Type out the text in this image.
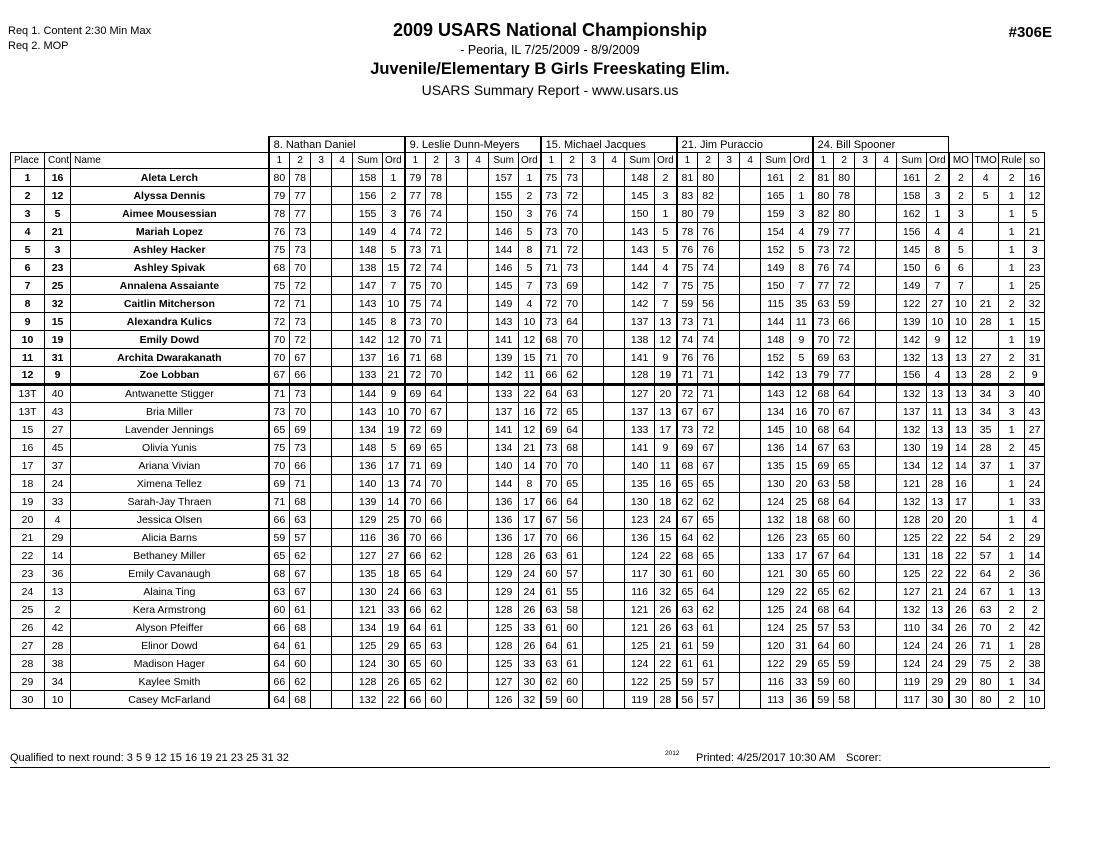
Req 1. Content 2:30 Min Max
Req 2. MOP
2009 USARS National Championship
- Peoria, IL 7/25/2009 - 8/9/2009
Juvenile/Elementary B Girls Freeskating Elim.
USARS Summary Report - www.usars.us
#306E
			8. Nathan Daniel						9. Leslie Dunn-Meyers						15. Michael Jacques						21. Jim Puraccio						24. Bill Spooner									
Place	Cont	Name	1	2	3	4	Sum	Ord	1	2	3	4	Sum	Ord	1	2	3	4	Sum	Ord	1	2	3	4	Sum	Ord	1	2	3	4	Sum	Ord	MO	TMO	Rule	so
1	16	Aleta Lerch	80	78			158	1	79	78			157	1	75	73			148	2	81	80			161	2	81	80			161	2	2	4	2	16
2	12	Alyssa Dennis	79	77			156	2	77	78			155	2	73	72			145	3	83	82			165	1	80	78			158	3	2	5	1	12
3	5	Aimee Mousessian	78	77			155	3	76	74			150	3	76	74			150	1	80	79			159	3	82	80			162	1	3		1	5
4	21	Mariah Lopez	76	73			149	4	74	72			146	5	73	70			143	5	78	76			154	4	79	77			156	4	4		1	21
5	3	Ashley Hacker	75	73			148	5	73	71			144	8	71	72			143	5	76	76			152	5	73	72			145	8	5		1	3
6	23	Ashley Spivak	68	70			138	15	72	74			146	5	71	73			144	4	75	74			149	8	76	74			150	6	6		1	23
7	25	Annalena Assaiante	75	72			147	7	75	70			145	7	73	69			142	7	75	75			150	7	77	72			149	7	7		1	25
8	32	Caitlin Mitcherson	72	71			143	10	75	74			149	4	72	70			142	7	59	56			115	35	63	59			122	27	10	21	2	32
9	15	Alexandra Kulics	72	73			145	8	73	70			143	10	73	64			137	13	73	71			144	11	73	66			139	10	10	28	1	15
10	19	Emily Dowd	70	72			142	12	70	71			141	12	68	70			138	12	74	74			148	9	70	72			142	9	12		1	19
11	31	Archita Dwarakanath	70	67			137	16	71	68			139	15	71	70			141	9	76	76			152	5	69	63			132	13	13	27	2	31
12	9	Zoe Lobban	67	66			133	21	72	70			142	11	66	62			128	19	71	71			142	13	79	77			156	4	13	28	2	9
13T	40	Antwanette Stigger	71	73			144	9	69	64			133	22	64	63			127	20	72	71			143	12	68	64			132	13	13	34	3	40
13T	43	Bria Miller	73	70			143	10	70	67			137	16	72	65			137	13	67	67			134	16	70	67			137	11	13	34	3	43
15	27	Lavender Jennings	65	69			134	19	72	69			141	12	69	64			133	17	73	72			145	10	68	64			132	13	13	35	1	27
16	45	Olivia Yunis	75	73			148	5	69	65			134	21	73	68			141	9	69	67			136	14	67	63			130	19	14	28	2	45
17	37	Ariana Vivian	70	66			136	17	71	69			140	14	70	70			140	11	68	67			135	15	69	65			134	12	14	37	1	37
18	24	Ximena Tellez	69	71			140	13	74	70			144	8	70	65			135	16	65	65			130	20	63	58			121	28	16		1	24
19	33	Sarah-Jay Thraen	71	68			139	14	70	66			136	17	66	64			130	18	62	62			124	25	68	64			132	13	17		1	33
20	4	Jessica Olsen	66	63			129	25	70	66			136	17	67	56			123	24	67	65			132	18	68	60			128	20	20		1	4
21	29	Alicia Barns	59	57			116	36	70	66			136	17	70	66			136	15	64	62			126	23	65	60			125	22	22	54	2	29
22	14	Bethaney Miller	65	62			127	27	66	62			128	26	63	61			124	22	68	65			133	17	67	64			131	18	22	57	1	14
23	36	Emily Cavanaugh	68	67			135	18	65	64			129	24	60	57			117	30	61	60			121	30	65	60			125	22	22	64	2	36
24	13	Alaina Ting	63	67			130	24	66	63			129	24	61	55			116	32	65	64			129	22	65	62			127	21	24	67	1	13
25	2	Kera Armstrong	60	61			121	33	66	62			128	26	63	58			121	26	63	62			125	24	68	64			132	13	26	63	2	2
26	42	Alyson Pfeiffer	66	68			134	19	64	61			125	33	61	60			121	26	63	61			124	25	57	53			110	34	26	70	2	42
27	28	Elinor Dowd	64	61			125	29	65	63			128	26	64	61			125	21	61	59			120	31	64	60			124	24	26	71	1	28
28	38	Madison Hager	64	60			124	30	65	60			125	33	63	61			124	22	61	61			122	29	65	59			124	24	29	75	2	38
29	34	Kaylee Smith	66	62			128	26	65	62			127	30	62	60			122	25	59	57			116	33	59	60			119	29	29	80	1	34
30	10	Casey McFarland	64	68			132	22	66	60			126	32	59	60			119	28	56	57			113	36	59	58			117	30	30	80	2	10
Qualified to next round: 3 5 9 12 15 16 19 21 23 25 31 32	2012 Printed: 4/25/2017 10:30 AM Scorer:
